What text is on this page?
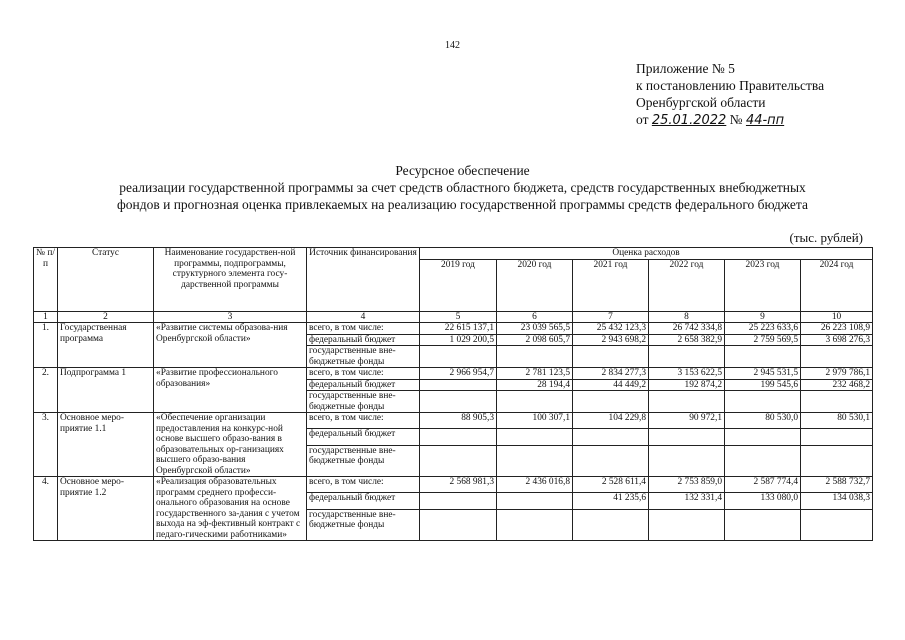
142
Приложение № 5
к постановлению Правительства
Оренбургской области
от 25.01.2022 № 44-пп
Ресурсное обеспечение
реализации государственной программы за счет средств областного бюджета, средств государственных внебюджетных
фондов и прогнозная оценка привлекаемых на реализацию государственной программы средств федерального бюджета
(тыс. рублей)
№ п/п	Статус	Наименование государствен-ной программы, подпрограммы, структурного элемента госу-дарственной программы	Источник финансирования	Оценка расходов					
				2019 год	2020 год	2021 год	2022 год	2023 год	2024 год
1	2	3	4	5	6	7	8	9	10
1.	Государственная программа	«Развитие системы образова-ния Оренбургской области»	всего, в том числе:	22 615 137,1	23 039 565,5	25 432 123,3	26 742 334,8	25 223 633,6	26 223 108,9
			федеральный бюджет	1 029 200,5	2 098 605,7	2 943 698,2	2 658 382,9	2 759 569,5	3 698 276,3
			государственные вне-бюджетные фонды						
2.	Подпрограмма 1	«Развитие профессионального образования»	всего, в том числе:	2 966 954,7	2 781 123,5	2 834 277,3	3 153 622,5	2 945 531,5	2 979 786,1
			федеральный бюджет		28 194,4	44 449,2	192 874,2	199 545,6	232 468,2
			государственные вне-бюджетные фонды						
3.	Основное меро-приятие 1.1	«Обеспечение организации предоставления на конкурс-ной основе высшего образо-вания в образовательных ор-ганизациях высшего образо-вания Оренбургской области»	всего, в том числе:	88 905,3	100 307,1	104 229,8	90 972,1	80 530,0	80 530,1
			федеральный бюджет						
			государственные вне-бюджетные фонды						
4.	Основное меро-приятие 1.2	«Реализация образовательных программ среднего професси-онального образования на основе государственного за-дания с учетом выхода на эф-фективный контракт с педаго-гическими работниками»	всего, в том числе:	2 568 981,3	2 436 016,8	2 528 611,4	2 753 859,0	2 587 774,4	2 588 732,7
			федеральный бюджет			41 235,6	132 331,4	133 080,0	134 038,3
			государственные вне-бюджетные фонды						
